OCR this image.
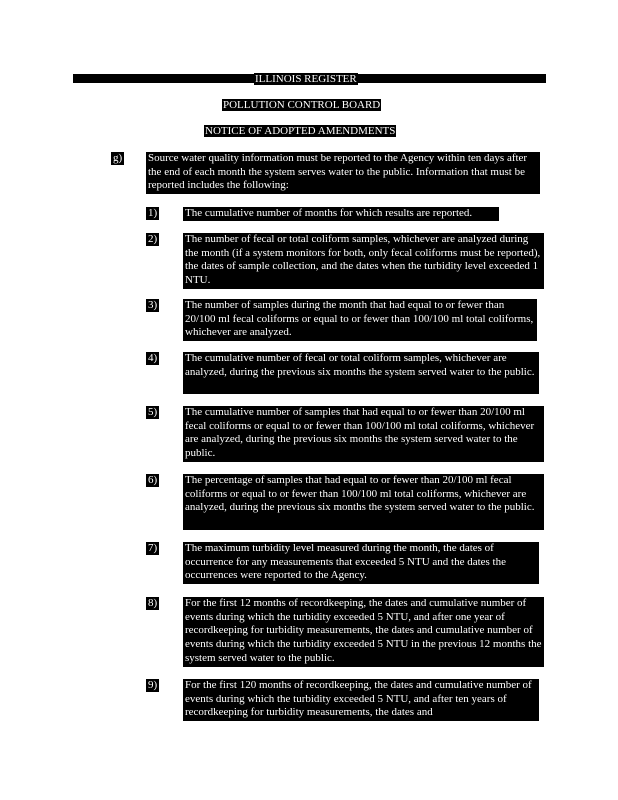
ILLINOIS REGISTER
POLLUTION CONTROL BOARD
NOTICE OF ADOPTED AMENDMENTS
g) Source water quality information must be reported to the Agency within ten days after the end of each month the system serves water to the public. Information that must be reported includes the following:
1)	The cumulative number of months for which results are reported.
2)	The number of fecal or total coliform samples, whichever are analyzed during the month (if a system monitors for both, only fecal coliforms must be reported), the dates of sample collection, and the dates when the turbidity level exceeded 1 NTU.
3)	The number of samples during the month that had equal to or fewer than 20/100 ml fecal coliforms or equal to or fewer than 100/100 ml total coliforms, whichever are analyzed.
4)	The cumulative number of fecal or total coliform samples, whichever are analyzed, during the previous six months the system served water to the public.
5)	The cumulative number of samples that had equal to or fewer than 20/100 ml fecal coliforms or equal to or fewer than 100/100 ml total coliforms, whichever are analyzed, during the previous six months the system served water to the public.
6)	The percentage of samples that had equal to or fewer than 20/100 ml fecal coliforms or equal to or fewer than 100/100 ml total coliforms, whichever are analyzed, during the previous six months the system served water to the public.
7)	The maximum turbidity level measured during the month, the dates of occurrence for any measurements that exceeded 5 NTU and the dates the occurrences were reported to the Agency.
8)	For the first 12 months of recordkeeping, the dates and cumulative number of events during which the turbidity exceeded 5 NTU, and after one year of recordkeeping for turbidity measurements, the dates and cumulative number of events during which the turbidity exceeded 5 NTU in the previous 12 months the system served water to the public.
9)	For the first 120 months of recordkeeping, the dates and cumulative number of events during which the turbidity exceeded 5 NTU, and after ten years of recordkeeping for turbidity measurements, the dates and
